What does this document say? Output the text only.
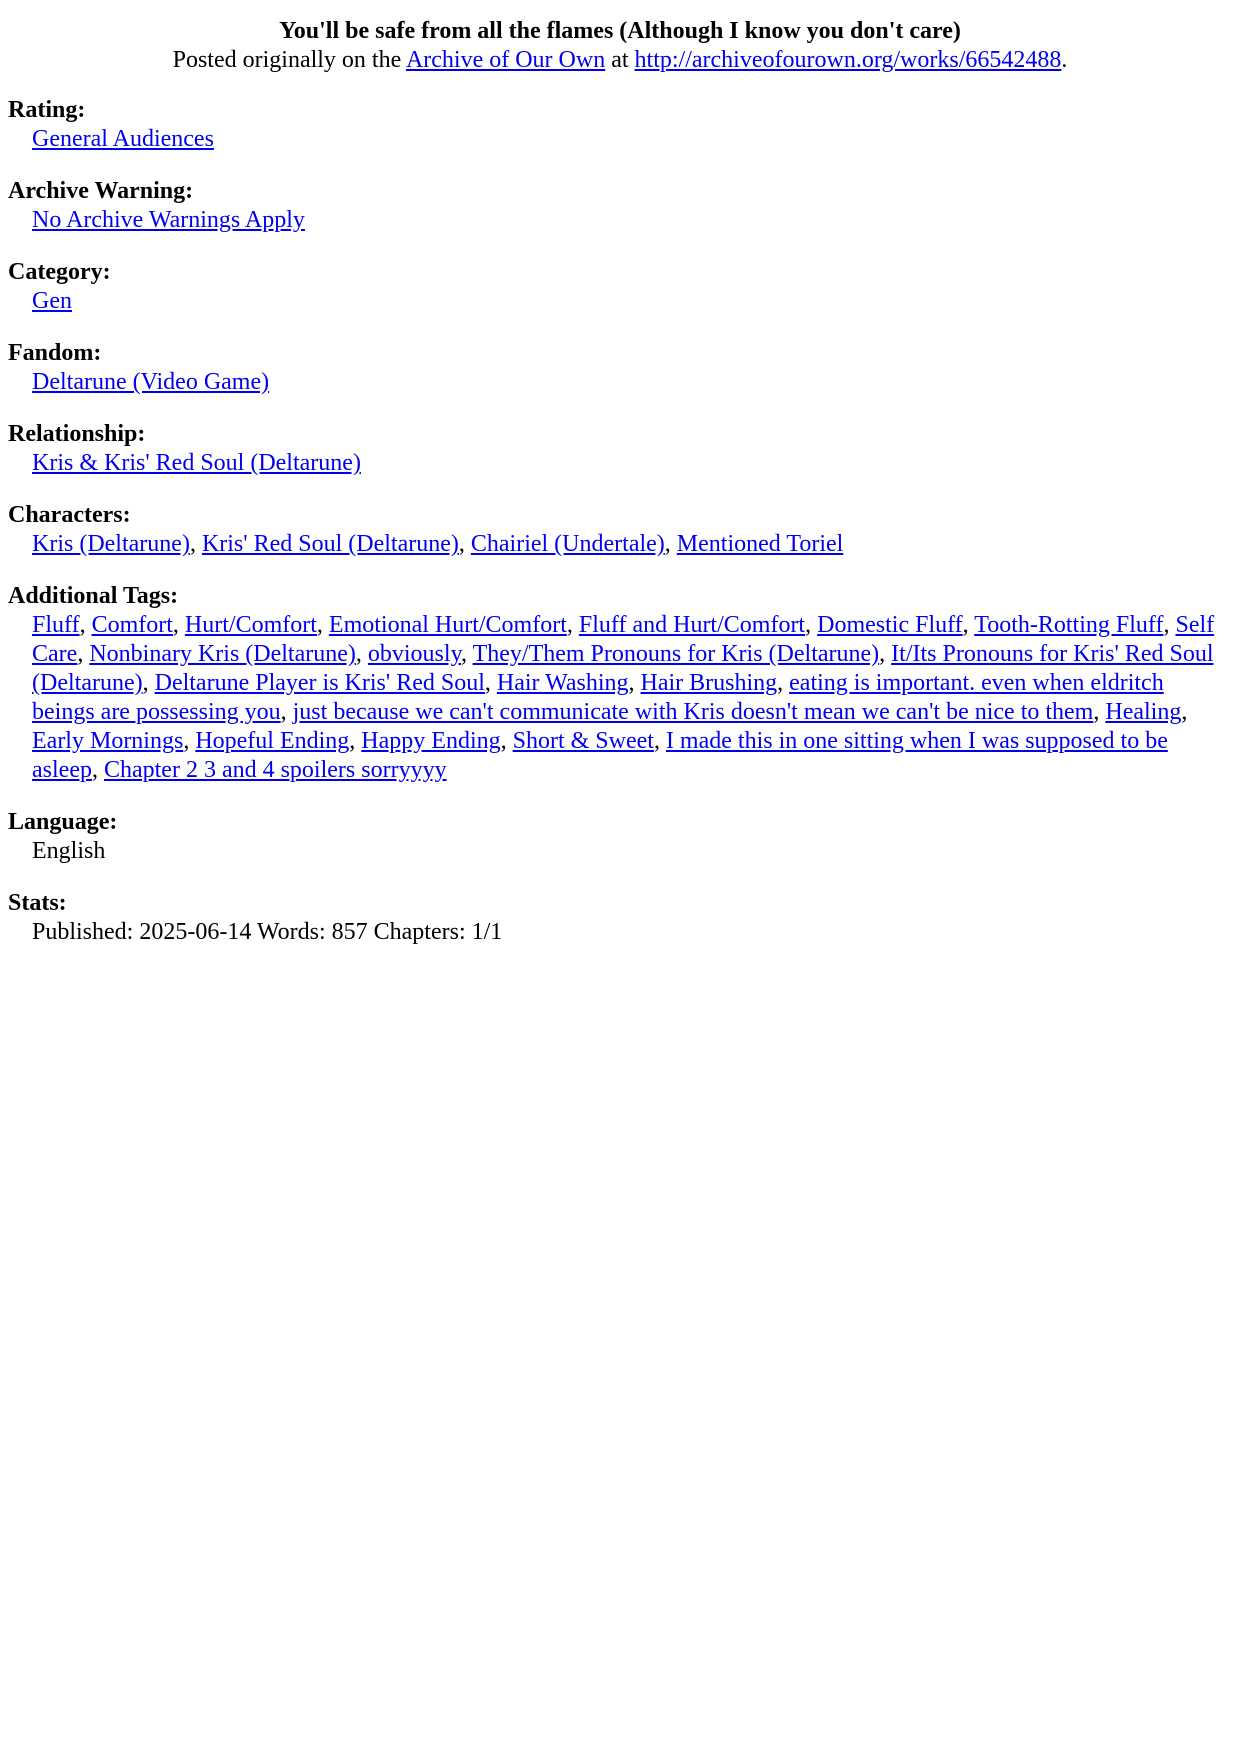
You'll be safe from all the flames (Although I know you don't care)
Posted originally on the Archive of Our Own at http://archiveofourown.org/works/66542488.

Rating:
General Audiences
Archive Warning:
No Archive Warnings Apply
Category:
Gen
Fandom:
Deltarune (Video Game)
Relationship:
Kris & Kris' Red Soul (Deltarune)
Characters:
Kris (Deltarune), Kris' Red Soul (Deltarune), Chairiel (Undertale), Mentioned Toriel
Additional Tags:
Fluff, Comfort, Hurt/Comfort, Emotional Hurt/Comfort, Fluff and Hurt/Comfort, Domestic Fluff, Tooth-Rotting Fluff, Self Care, Nonbinary Kris (Deltarune), obviously, They/Them Pronouns for Kris (Deltarune), It/Its Pronouns for Kris' Red Soul (Deltarune), Deltarune Player is Kris' Red Soul, Hair Washing, Hair Brushing, eating is important. even when eldritch beings are possessing you, just because we can't communicate with Kris doesn't mean we can't be nice to them, Healing, Early Mornings, Hopeful Ending, Happy Ending, Short & Sweet, I made this in one sitting when I was supposed to be asleep, Chapter 2 3 and 4 spoilers sorryyyy
Language:
English
Stats:
Published: 2025-06-14 Words: 857 Chapters: 1/1
